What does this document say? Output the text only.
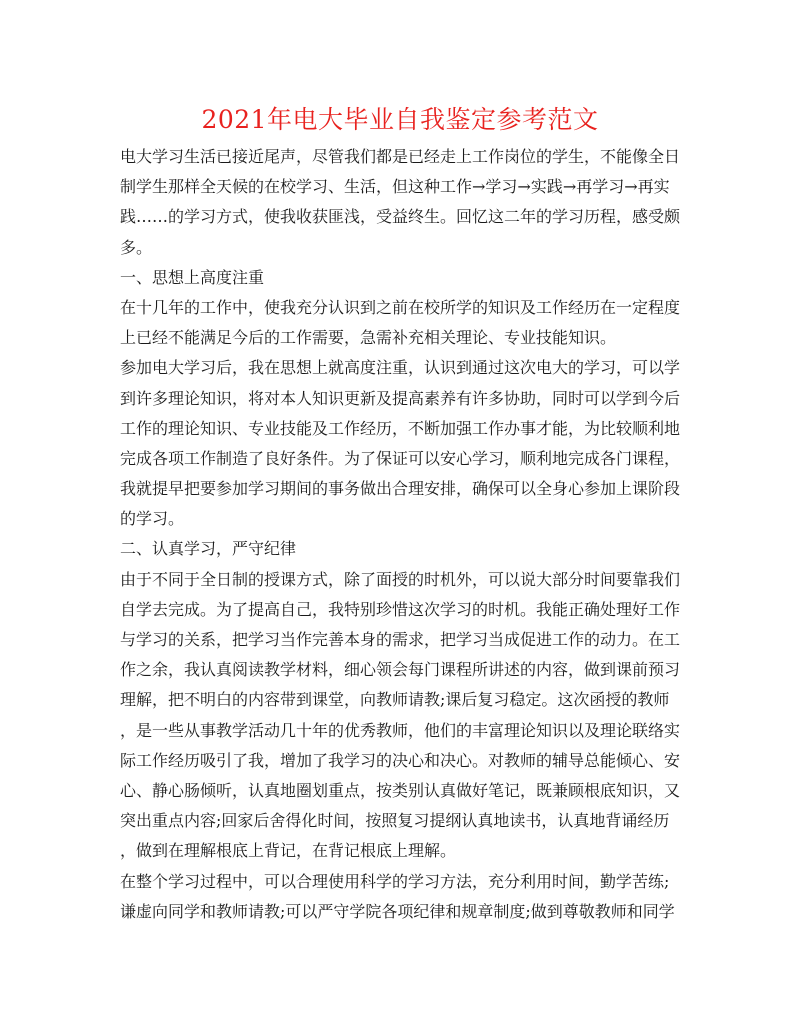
2021年电大毕业自我鉴定参考范文
电大学习生活已接近尾声，尽管我们都是已经走上工作岗位的学生，不能像全日
制学生那样全天候的在校学习、生活，但这种工作→学习→实践→再学习→再实
践……的学习方式，使我收获匪浅，受益终生。回忆这二年的学习历程，感受颇
多。
一、思想上高度注重
在十几年的工作中，使我充分认识到之前在校所学的知识及工作经历在一定程度
上已经不能满足今后的工作需要，急需补充相关理论、专业技能知识。
参加电大学习后，我在思想上就高度注重，认识到通过这次电大的学习，可以学
到许多理论知识，将对本人知识更新及提高素养有许多协助，同时可以学到今后
工作的理论知识、专业技能及工作经历，不断加强工作办事才能，为比较顺利地
完成各项工作制造了良好条件。为了保证可以安心学习，顺利地完成各门课程，
我就提早把要参加学习期间的事务做出合理安排，确保可以全身心参加上课阶段
的学习。
二、认真学习，严守纪律
由于不同于全日制的授课方式，除了面授的时机外，可以说大部分时间要靠我们
自学去完成。为了提高自己，我特别珍惜这次学习的时机。我能正确处理好工作
与学习的关系，把学习当作完善本身的需求，把学习当成促进工作的动力。在工
作之余，我认真阅读教学材料，细心领会每门课程所讲述的内容，做到课前预习
理解，把不明白的内容带到课堂，向教师请教;课后复习稳定。这次函授的教师
，是一些从事教学活动几十年的优秀教师，他们的丰富理论知识以及理论联络实
际工作经历吸引了我，增加了我学习的决心和决心。对教师的辅导总能倾心、安
心、静心肠倾听，认真地圈划重点，按类别认真做好笔记，既兼顾根底知识，又
突出重点内容;回家后舍得化时间，按照复习提纲认真地读书，认真地背诵经历
，做到在理解根底上背记，在背记根底上理解。
在整个学习过程中，可以合理使用科学的学习方法，充分利用时间，勤学苦练;
谦虚向同学和教师请教;可以严守学院各项纪律和规章制度;做到尊敬教师和同学
